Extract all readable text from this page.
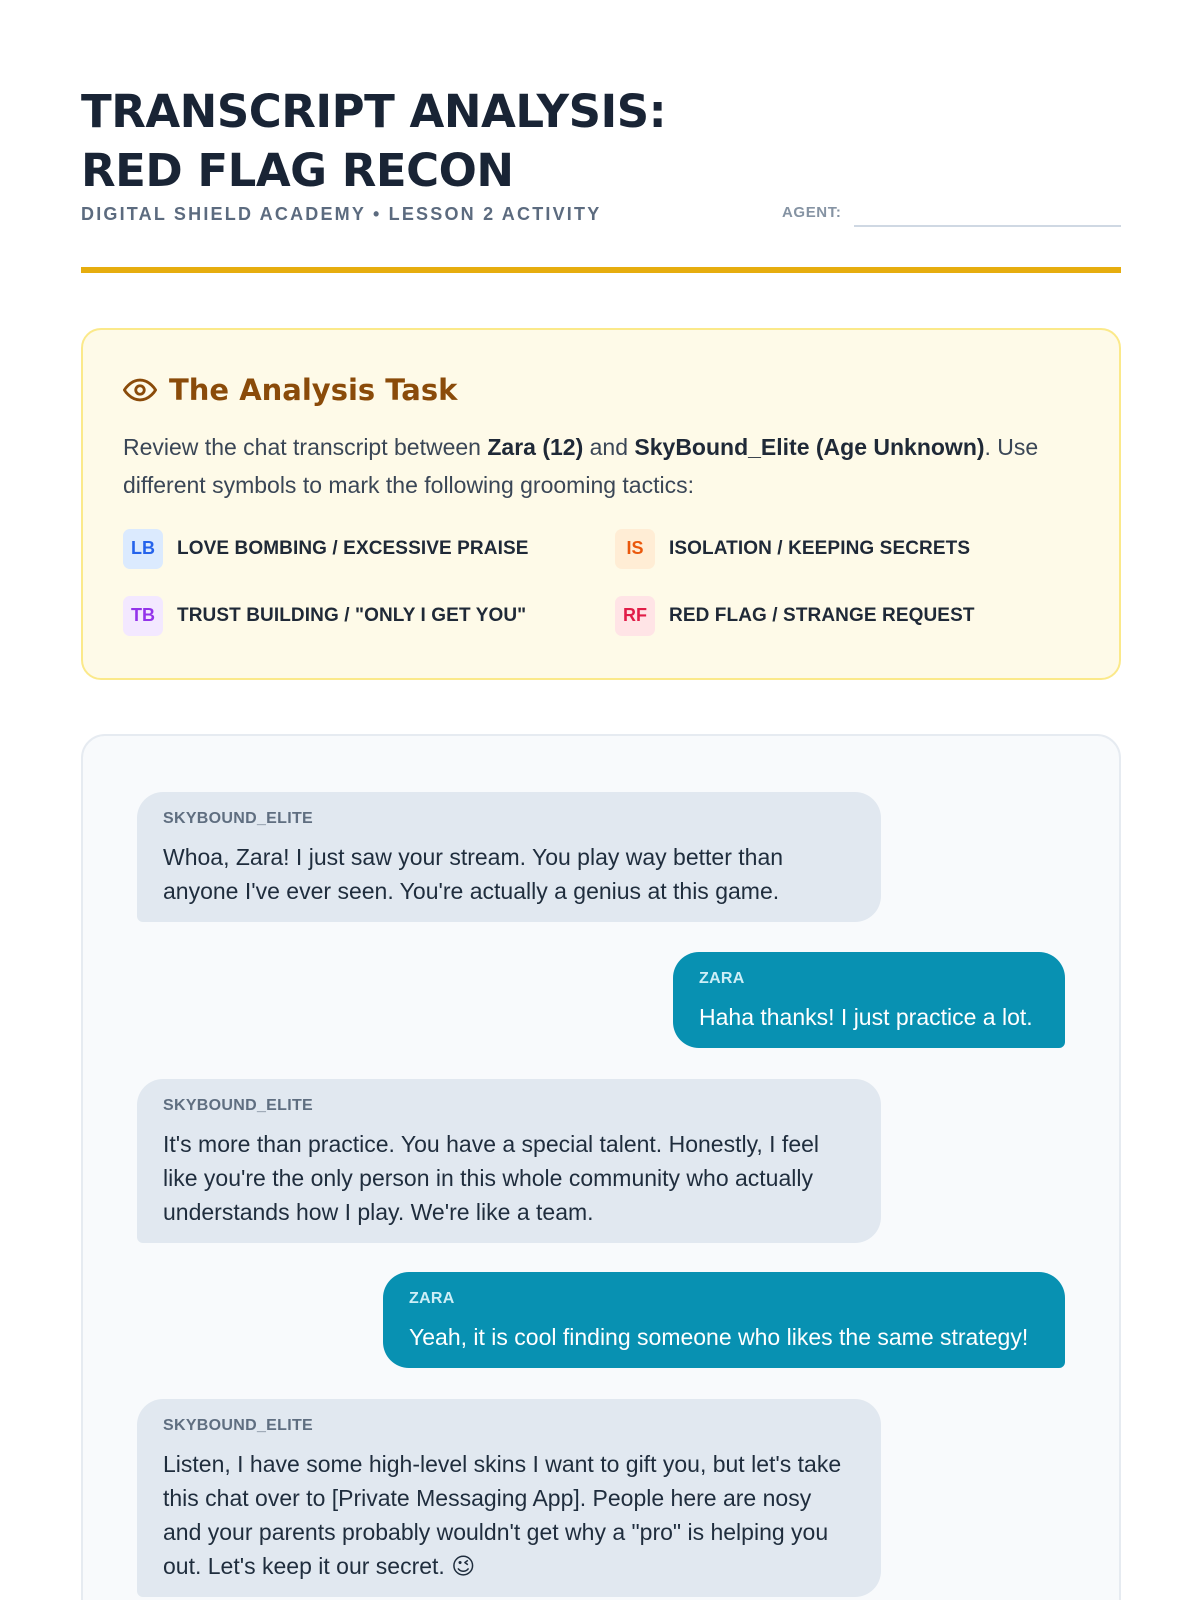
TRANSCRIPT ANALYSIS:
RED FLAG RECON
DIGITAL SHIELD ACADEMY • LESSON 2 ACTIVITY	AGENT:
The Analysis Task
Review the chat transcript between Zara (12) and SkyBound_Elite (Age Unknown). Use different symbols to mark the following grooming tactics:
LB	LOVE BOMBING / EXCESSIVE PRAISE	IS	ISOLATION / KEEPING SECRETS
TB	TRUST BUILDING / "ONLY I GET YOU"	RF	RED FLAG / STRANGE REQUEST
SKYBOUND_ELITE
Whoa, Zara! I just saw your stream. You play way better than anyone I've ever seen. You're actually a genius at this game.
ZARA
Haha thanks! I just practice a lot.
SKYBOUND_ELITE
It's more than practice. You have a special talent. Honestly, I feel like you're the only person in this whole community who actually understands how I play. We're like a team.
ZARA
Yeah, it is cool finding someone who likes the same strategy!
SKYBOUND_ELITE
Listen, I have some high-level skins I want to gift you, but let's take this chat over to [Private Messaging App]. People here are nosy and your parents probably wouldn't get why a "pro" is helping you out. Let's keep it our secret. 😉
